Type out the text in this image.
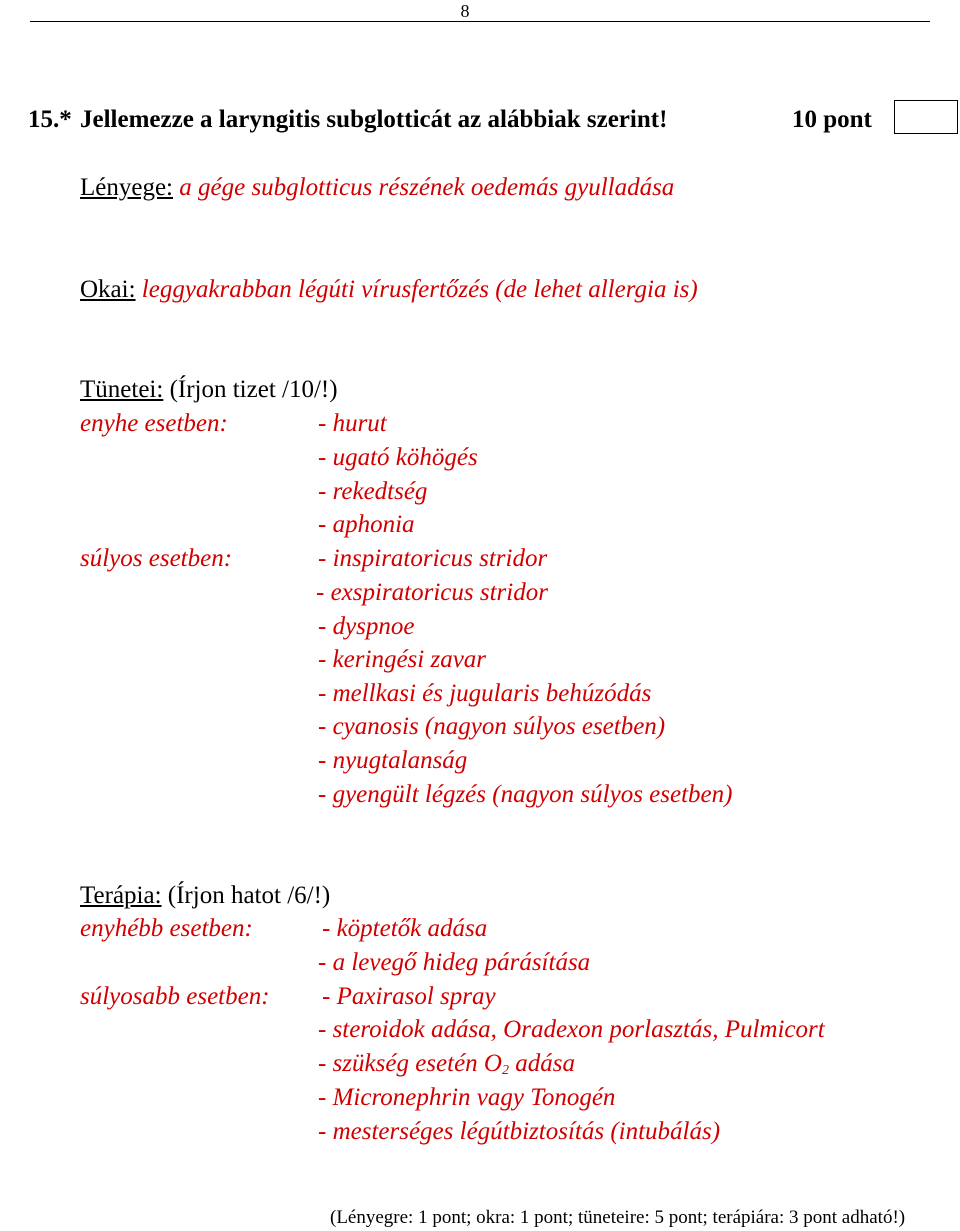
8
15.* Jellemezze a laryngitis subglotticát az alábbiak szerint!	10 pont
Lényege: a gége subglotticus részének oedemás gyulladása
Okai: leggyakrabban légúti vírusfertőzés (de lehet allergia is)
Tünetei: (Írjon tizet /10/!)
enyhe esetben:	- hurut
- ugató köhögés
- rekedtség
- aphonia
súlyos esetben:	- inspiratoricus stridor
- exspiratoricus stridor
- dyspnoe
- keringési zavar
- mellkasi és jugularis behúzódás
- cyanosis (nagyon súlyos esetben)
- nyugtalanság
- gyengült légzés (nagyon súlyos esetben)
Terápia: (Írjon hatot /6/!)
enyhébb esetben:	- köptetők adása
- a levegő hideg párásítása
súlyosabb esetben: - Paxirasol spray
- steroidok adása, Oradexon porlasztás, Pulmicort
- szükség esetén $O_2$ adása
- Micronephrin vagy Tonogén
- mesterséges légútbiztosítás (intubálás)
(Lényegre: 1 pont; okra: 1 pont; tüneteire: 5 pont; terápiára: 3 pont adható!)
